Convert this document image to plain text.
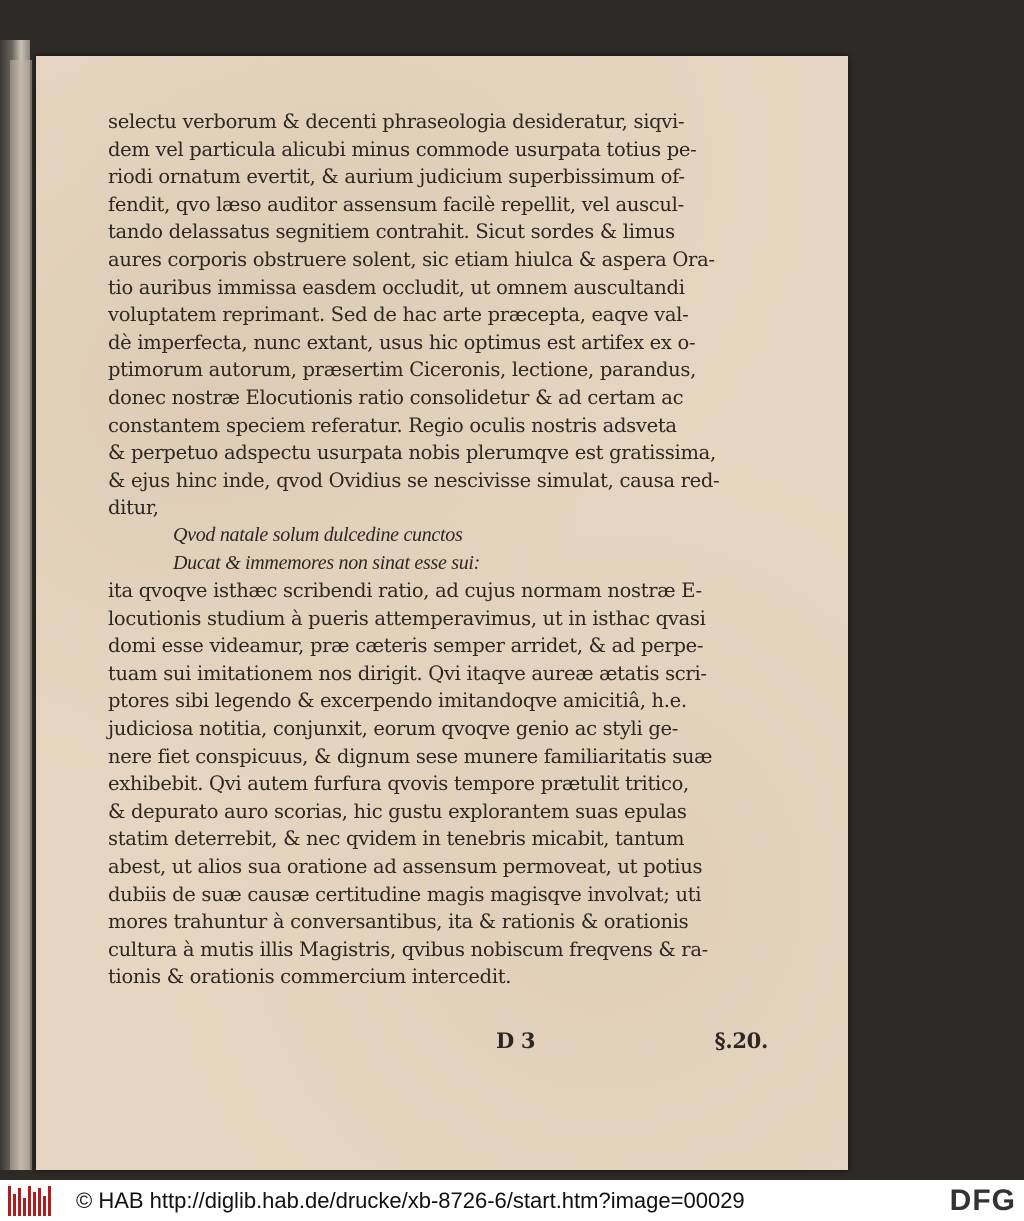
selectu verborum & decenti phraseologia desideratur, siqvi-
dem vel particula alicubi minus commode usurpata totius pe-
riodi ornatum evertit, & aurium judicium superbissimum of-
fendit, qvo læso auditor assensum facilè repellit, vel auscul-
tando delassatus segnitiem contrahit. Sicut sordes & limus
aures corporis obstruere solent, sic etiam hiulca & aspera Ora-
tio auribus immissa easdem occludit, ut omnem auscultandi
voluptatem reprimant. Sed de hac arte præcepta, eaqve val-
dè imperfecta, nunc extant, usus hic optimus est artifex ex o-
ptimorum autorum, præsertim Ciceronis, lectione, parandus,
donec nostræ Elocutionis ratio consolidetur & ad certam ac
constantem speciem referatur. Regio oculis nostris adsveta
& perpetuo adspectu usurpata nobis plerumqve est gratissima,
& ejus hinc inde, qvod Ovidius se nescivisse simulat, causa red-
ditur,
Qvod natale solum dulcedine cunctos
Ducat & immemores non sinat esse sui:
ita qvoqve isthæc scribendi ratio, ad cujus normam nostræ E-
locutionis studium à pueris attemperavimus, ut in isthac qvasi
domi esse videamur, præ cæteris semper arridet, & ad perpe-
tuam sui imitationem nos dirigit. Qvi itaqve aureæ ætatis scri-
ptores sibi legendo & excerpendo imitandoqve amicitiâ, h.e.
judiciosa notitia, conjunxit, eorum qvoqve genio ac styli ge-
nere fiet conspicuus, & dignum sese munere familiaritatis suæ
exhibebit. Qvi autem furfura qvovis tempore prætulit tritico,
& depurato auro scorias, hic gustu explorantem suas epulas
statim deterrebit, & nec qvidem in tenebris micabit, tantum
abest, ut alios sua oratione ad assensum permoveat, ut potius
dubiis de suæ causæ certitudine magis magisqve involvat; uti
mores trahuntur à conversantibus, ita & rationis & orationis
cultura à mutis illis Magistris, qvibus nobiscum freqvens & ra-
tionis & orationis commercium intercedit.
D 3	§.20.
© HAB http://diglib.hab.de/drucke/xb-8726-6/start.htm?image=00029	DFG
